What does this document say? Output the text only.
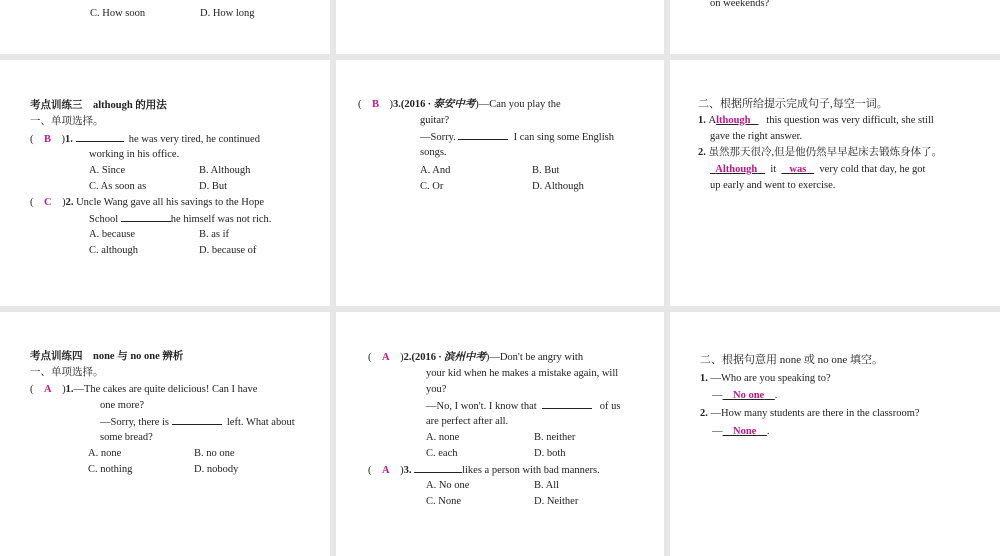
C. How soon	D. How long
on weekends?
考点训练三 although 的用法
一、单项选择。
( B )1.	he was very tired, he continued
working in his office.
A. Since	B. Although
C. As soon as	D. But
( C )2. Uncle Wang gave all his savings to the Hope
School	he himself was not rich.
A. because	B. as if
C. although	D. because of
( B )3.(2016 · 泰安中考)—Can you play the
guitar?
—Sorry.	I can sing some English
songs.
A. And	B. But
C. Or	D. Although
二、根据所给提示完成句子,每空一词。
1. Although this question was very difficult, she still
gave the right answer.
2. 虽然那天很冷,但是他仍然早早起床去锻炼身体了。
Although it was very cold that day, he got
up early and went to exercise.
考点训练四 none 与 no one 辨析
一、单项选择。
( A )1.—The cakes are quite delicious! Can I have
one more?
—Sorry, there is	left. What about
some bread?
A. none	B. no one
C. nothing	D. nobody
( A )2.(2016 · 滨州中考)—Don't be angry with
your kid when he makes a mistake again, will
you?
—No, I won't. I know that	of us
are perfect after all.
A. none	B. neither
C. each	D. both
( A )3.	likes a person with bad manners.
A. No one	B. All
C. None	D. Neither
二、根据句意用 none 或 no one 填空。
1. —Who are you speaking to?
— No one .
2. —How many students are there in the classroom?
— None .
